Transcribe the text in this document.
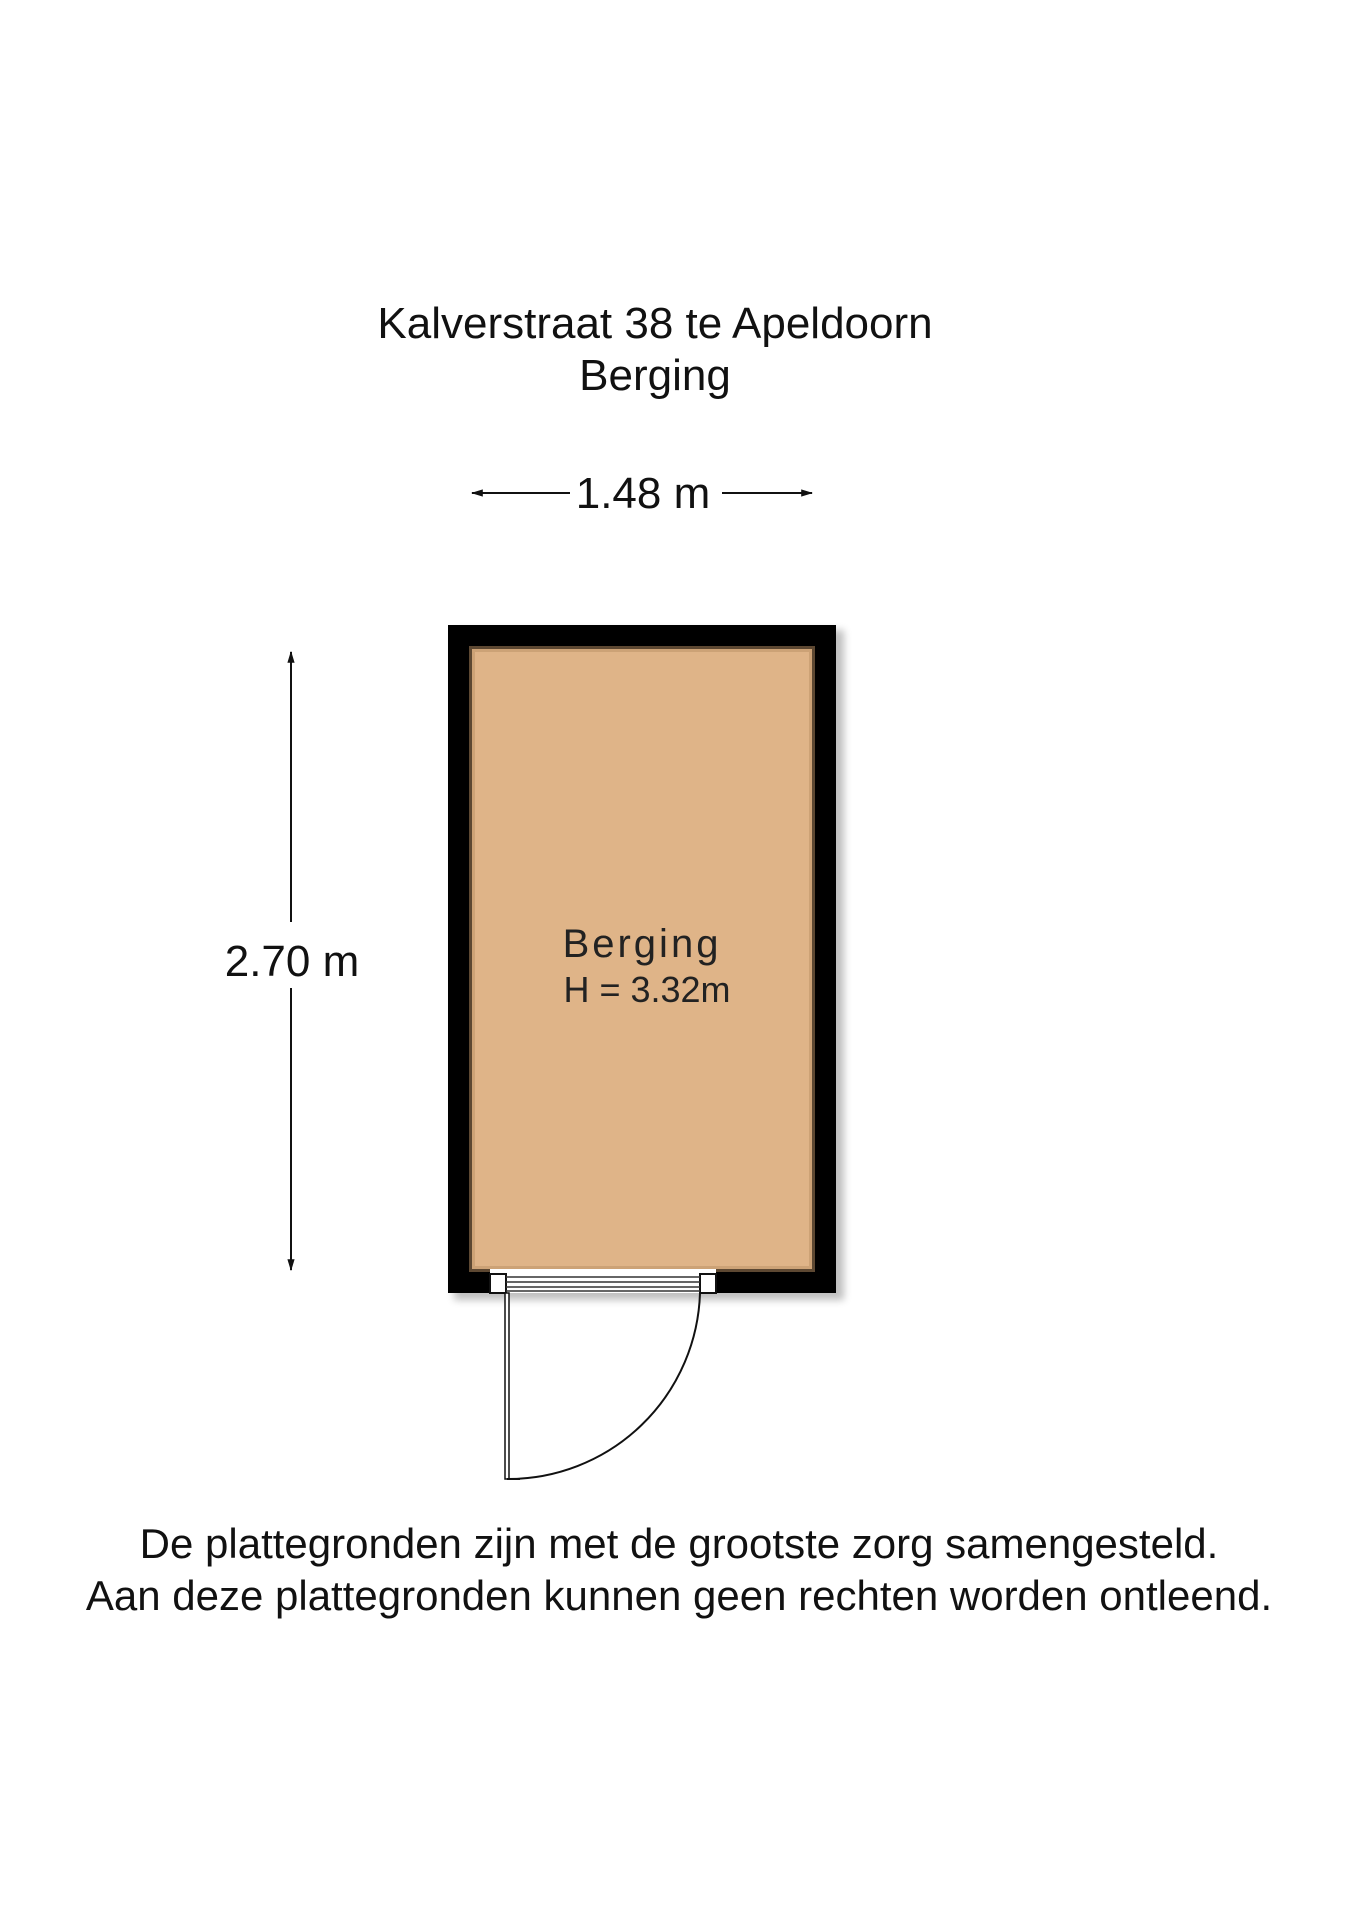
Kalverstraat 38 te Apeldoorn
Berging
1.48 m
2.70 m	Berging
H = 3.32m
De plattegronden zijn met de grootste zorg samengesteld.
Aan deze plattegronden kunnen geen rechten worden ontleend.
